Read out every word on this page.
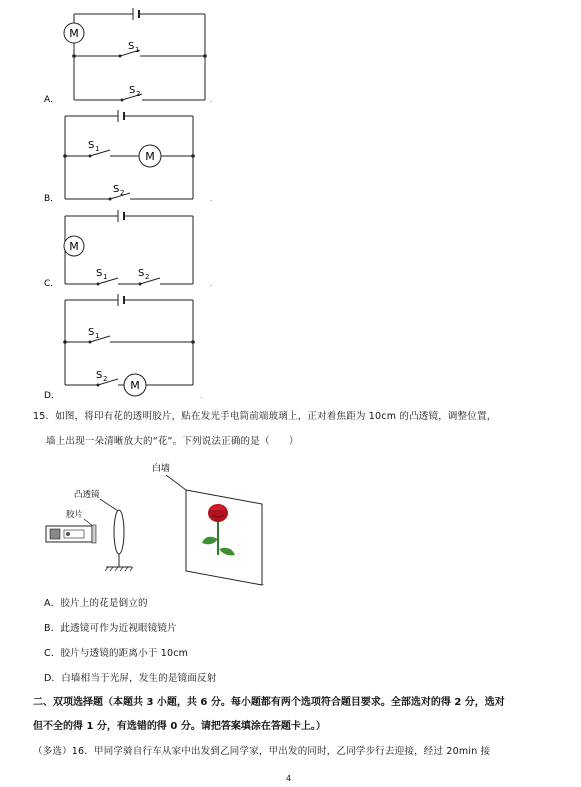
M
S 1
S 2
A．	.
M
S 1
S 2
B．	.
M
S 1	S 2
C．	.
M
S 1
S 2
D．	.
15．如图，将印有花的透明胶片，贴在发光手电筒前端玻璃上，正对着焦距为 10cm 的凸透镜，调整位置，
墙上出现一朵清晰放大的“花”。下列说法正确的是（　　）
白墙
凸透镜
胶片
.
A．胶片上的花是倒立的
B．此透镜可作为近视眼镜镜片
C．胶片与透镜的距离小于 10cm
D．白墙相当于光屏，发生的是镜面反射
二、双项选择题（本题共 3 小题，共 6 分。每小题都有两个选项符合题目要求。全部选对的得 2 分，选对
但不全的得 1 分，有选错的得 0 分。请把答案填涂在答题卡上。）
（多选）16．甲同学骑自行车从家中出发到乙同学家，甲出发的同时，乙同学步行去迎接，经过 20min 接
4
